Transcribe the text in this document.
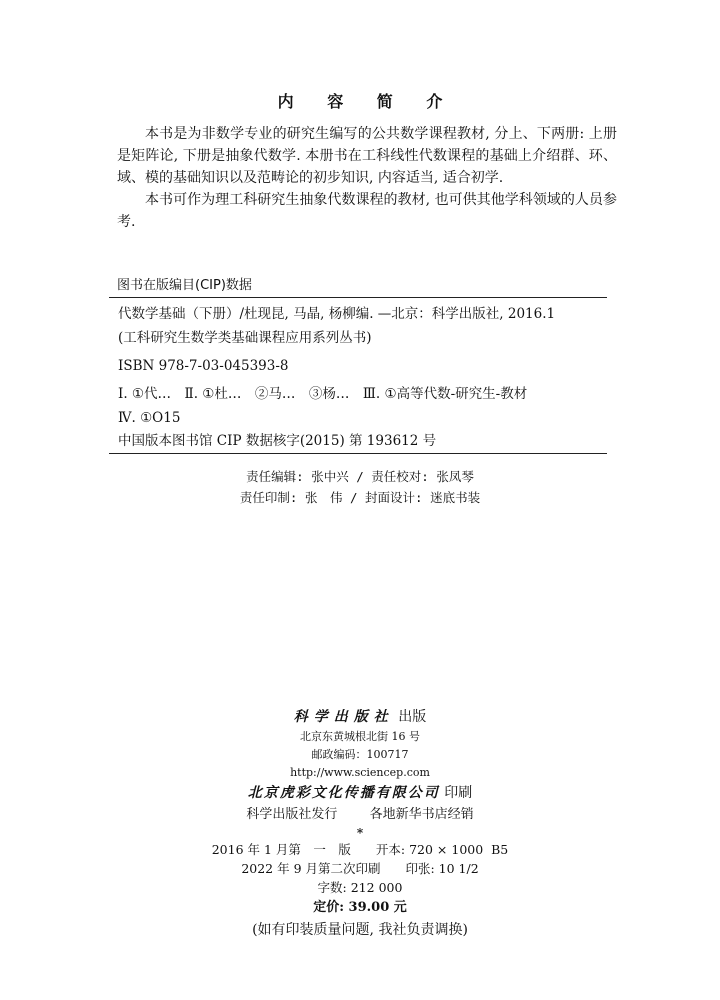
内 容 简 介

本书是为非数学专业的研究生编写的公共数学课程教材, 分上、下两册: 上册是矩阵论, 下册是抽象代数学. 本册书在工科线性代数课程的基础上介绍群、环、域、模的基础知识以及范畴论的初步知识, 内容适当, 适合初学.

本书可作为理工科研究生抽象代数课程的教材, 也可供其他学科领域的人员参考.

图书在版编目(CIP)数据
代数学基础（下册）/杜现昆, 马晶, 杨柳编. —北京：科学出版社, 2016.1
(工科研究生数学类基础课程应用系列丛书)
ISBN 978-7-03-045393-8
Ⅰ. ①代…　Ⅱ. ①杜…　②马…　③杨…　Ⅲ. ①高等代数-研究生-教材
Ⅳ. ①O15
中国版本图书馆 CIP 数据核字(2015) 第 193612 号
责任编辑: 张中兴 / 责任校对: 张凤琴
责任印制: 张　伟 / 封面设计: 迷底书装
科学出版社 出版
北京东黄城根北街 16 号
邮政编码：100717
http://www.sciencep.com
北京虎彩文化传播有限公司 印刷
科学出版社发行 各地新华书店经销
*
2016 年 1 月第　一　版　　开本: 720 × 1000  B5
2022 年 9 月第二次印刷　　印张: 10 1/2
字数: 212 000
定价: 39.00 元
(如有印装质量问题, 我社负责调换)
